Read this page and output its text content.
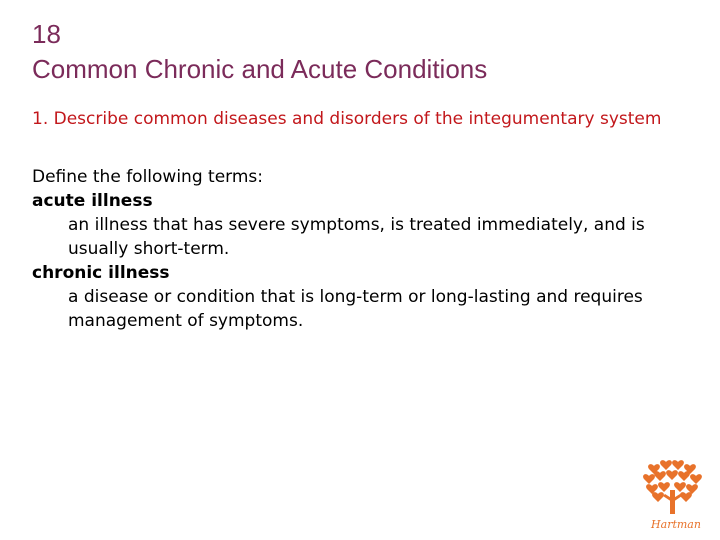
18
Common Chronic and Acute Conditions
1. Describe common diseases and disorders of the integumentary system
Define the following terms:
acute illness
an illness that has severe symptoms, is treated immediately, and is usually short-term.
chronic illness
a disease or condition that is long-term or long-lasting and requires management of symptoms.
Hartman
